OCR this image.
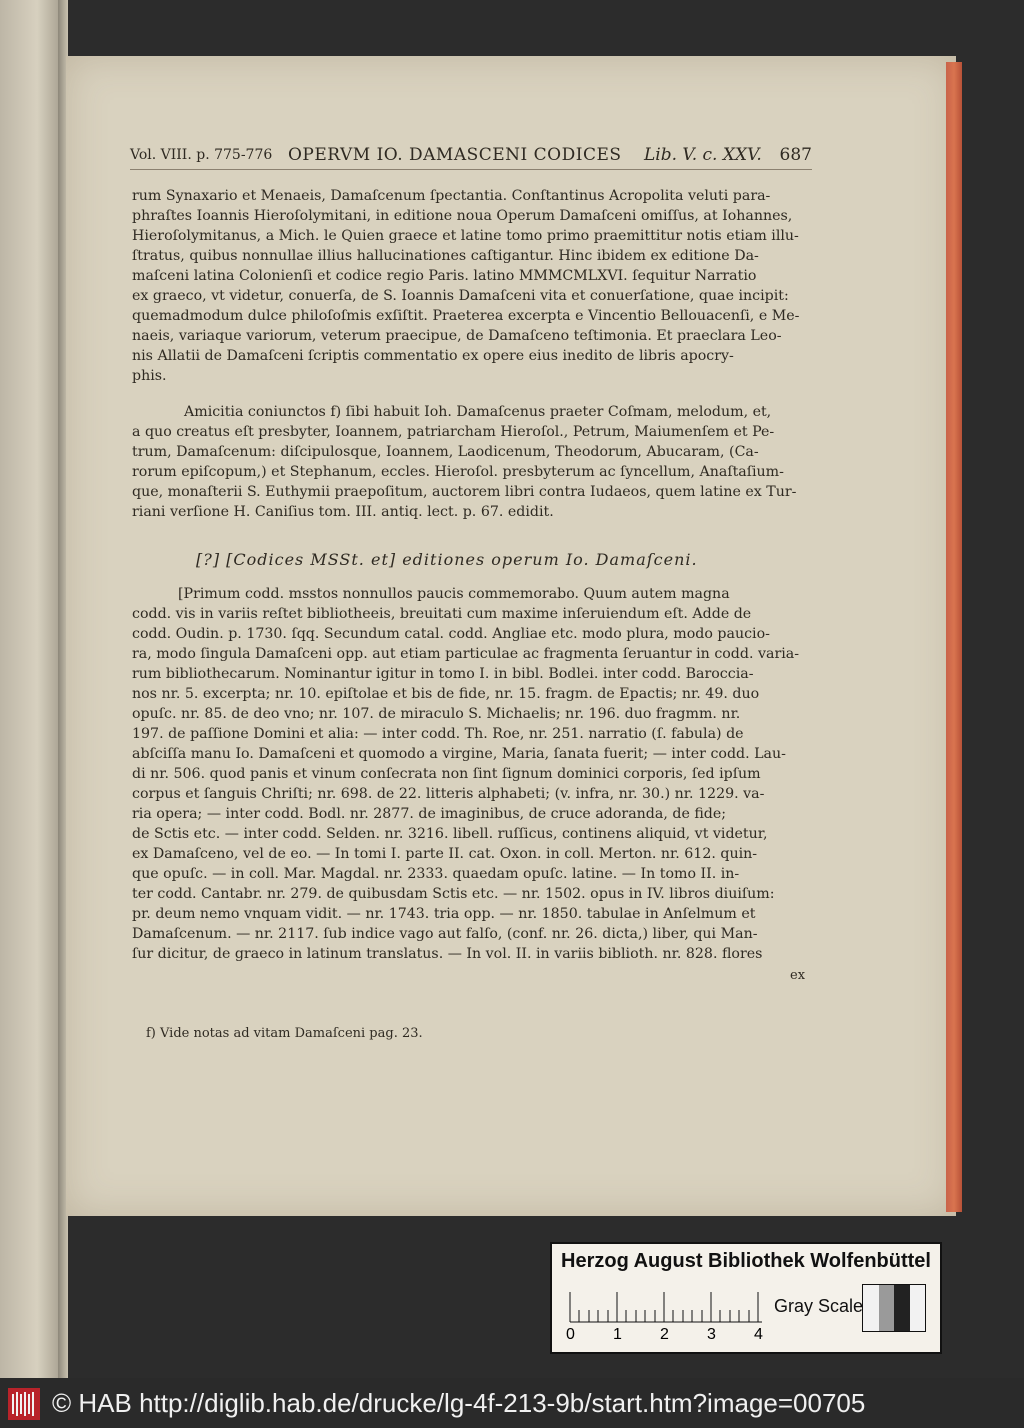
Vol. VIII. p. 775-776 OPERVM IO. DAMASCENI CODICES Lib. V. c. XXV. 687
rum Synaxario et Menaeis, Damaſcenum ſpectantia. Conſtantinus Acropolita veluti para-
phraſtes Ioannis Hieroſolymitani, in editione noua Operum Damaſceni omiſſus, at Iohannes,
Hieroſolymitanus, a Mich. le Quien graece et latine tomo primo praemittitur notis etiam illu-
ſtratus, quibus nonnullae illius hallucinationes caſtigantur. Hinc ibidem ex editione Da-
maſceni latina Colonienſi et codice regio Paris. latino MMMCMLXVI. ſequitur Narratio
ex graeco, vt videtur, conuerſa, de S. Ioannis Damaſceni vita et conuerſatione, quae incipit:
quemadmodum dulce philoſoſmis exſiſtit. Praeterea excerpta e Vincentio Bellouacenſi, e Me-
naeis, variaque variorum, veterum praecipue, de Damaſceno teſtimonia. Et praeclara Leo-
nis Allatii de Damaſceni ſcriptis commentatio ex opere eius inedito de libris apocry-
phis.
Amicitia coniunctos f) ſibi habuit Ioh. Damaſcenus praeter Coſmam, melodum, et,
a quo creatus eſt presbyter, Ioannem, patriarcham Hieroſol., Petrum, Maiumenſem et Pe-
trum, Damaſcenum: diſcipulosque, Ioannem, Laodicenum, Theodorum, Abucaram, (Ca-
rorum epiſcopum,) et Stephanum, eccles. Hieroſol. presbyterum ac ſyncellum, Anaſtaſium-
que, monaſterii S. Euthymii praepoſitum, auctorem libri contra Iudaeos, quem latine ex Tur-
riani verſione H. Caniſius tom. III. antiq. lect. p. 67. edidit.
[?] [Codices MSSt. et] editiones operum Io. Damaſceni.
[Primum codd. msstos nonnullos paucis commemorabo. Quum autem magna
codd. vis in variis reſtet bibliotheeis, breuitati cum maxime inſeruiendum eſt. Adde de
codd. Oudin. p. 1730. ſqq. Secundum catal. codd. Angliae etc. modo plura, modo paucio-
ra, modo ſingula Damaſceni opp. aut etiam particulae ac fragmenta ſeruantur in codd. varia-
rum bibliothecarum. Nominantur igitur in tomo I. in bibl. Bodlei. inter codd. Baroccia-
nos nr. 5. excerpta; nr. 10. epiſtolae et bis de fide, nr. 15. fragm. de Epactis; nr. 49. duo
opuſc. nr. 85. de deo vno; nr. 107. de miraculo S. Michaelis; nr. 196. duo fragmm. nr.
197. de paſſione Domini et alia: — inter codd. Th. Roe, nr. 251. narratio (ſ. fabula) de
abſciſſa manu Io. Damaſceni et quomodo a virgine, Maria, ſanata fuerit; — inter codd. Lau-
di nr. 506. quod panis et vinum conſecrata non ſint ſignum dominici corporis, ſed ipſum
corpus et ſanguis Chriſti; nr. 698. de 22. litteris alphabeti; (v. infra, nr. 30.) nr. 1229. va-
ria opera; — inter codd. Bodl. nr. 2877. de imaginibus, de cruce adoranda, de fide;
de Sctis etc. — inter codd. Selden. nr. 3216. libell. ruſſicus, continens aliquid, vt videtur,
ex Damaſceno, vel de eo. — In tomi I. parte II. cat. Oxon. in coll. Merton. nr. 612. quin-
que opuſc. — in coll. Mar. Magdal. nr. 2333. quaedam opuſc. latine. — In tomo II. in-
ter codd. Cantabr. nr. 279. de quibusdam Sctis etc. — nr. 1502. opus in IV. libros diuiſum:
pr. deum nemo vnquam vidit. — nr. 1743. tria opp. — nr. 1850. tabulae in Anſelmum et
Damaſcenum. — nr. 2117. ſub indice vago aut falſo, (conf. nr. 26. dicta,) liber, qui Man-
ſur dicitur, de graeco in latinum translatus. — In vol. II. in variis biblioth. nr. 828. flores
ex
f) Vide notas ad vitam Damaſceni pag. 23.
Herzog August Bibliothek Wolfenbüttel
0 1 2 3 4
Gray Scale
© HAB http://diglib.hab.de/drucke/lg-4f-213-9b/start.htm?image=00705
